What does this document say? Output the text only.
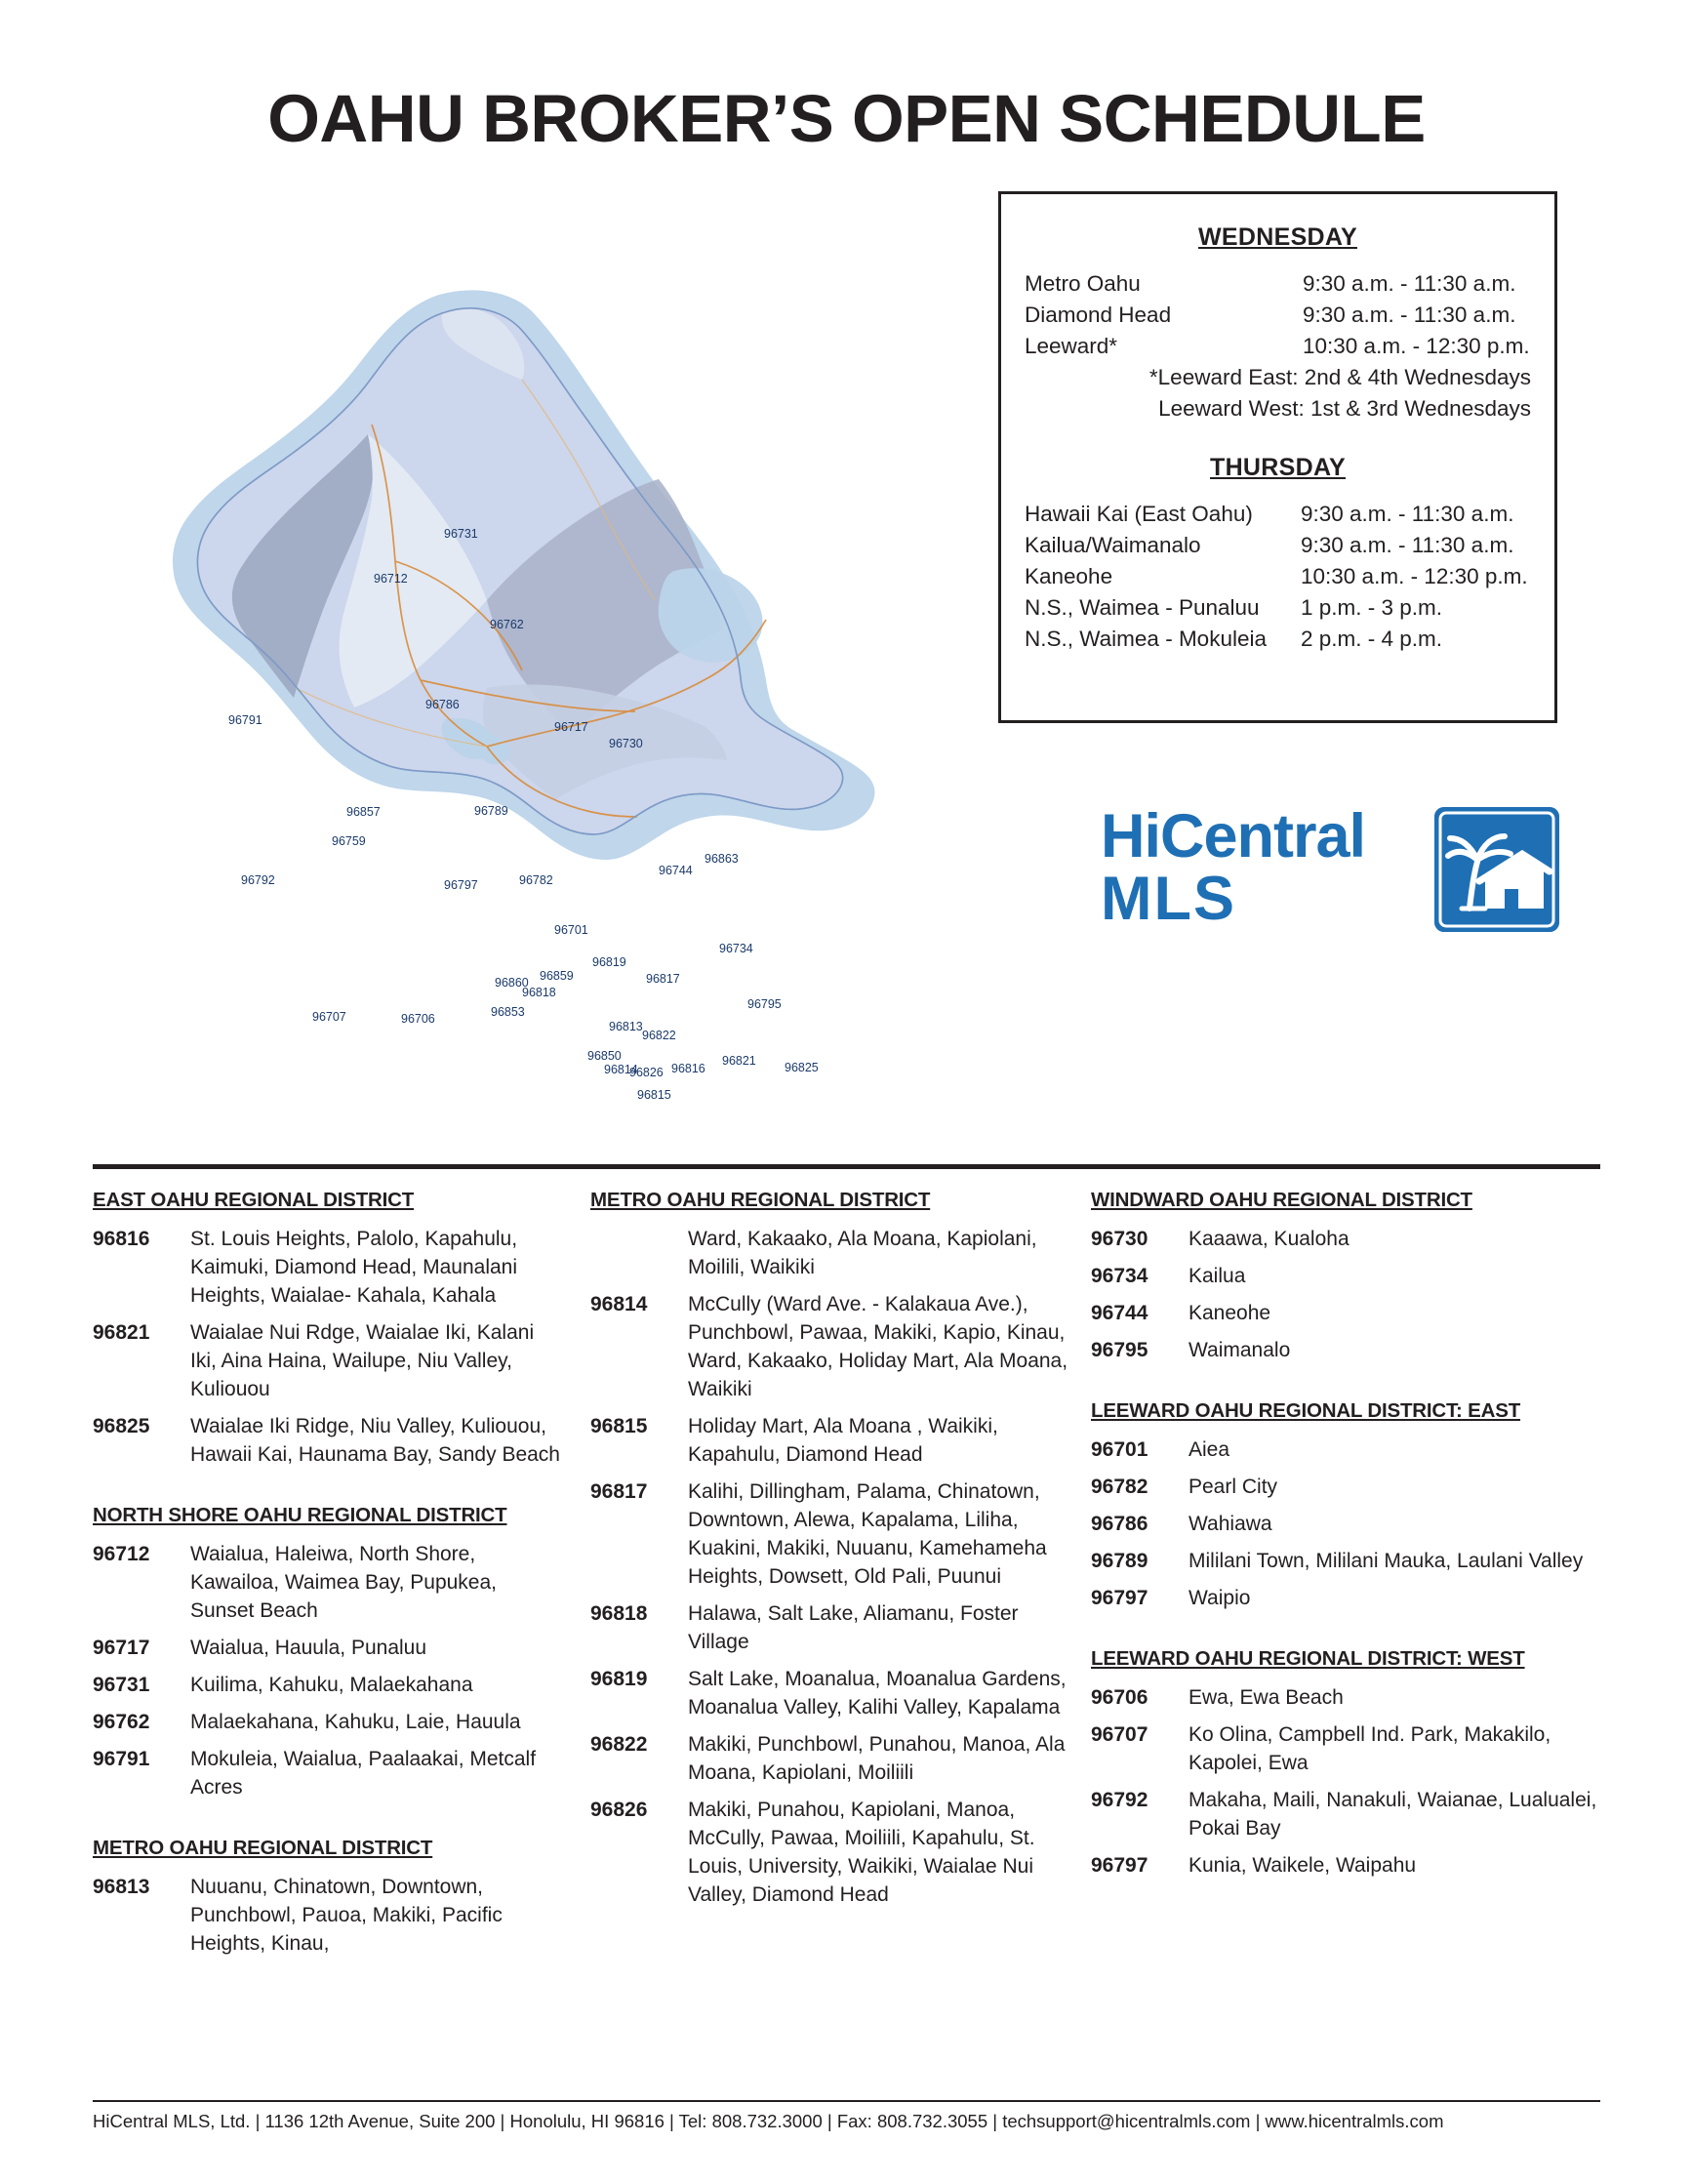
OAHU BROKER’S OPEN SCHEDULE
96731
96712
96762
96786
96791	96717
96730
96789
96857
96759
96792	96797	96782
96744
96863
96701
96734
96819
96860 96859
96818
96817
96795
96853
96707	96706
96813
96822
96850
96814
96826 96816
96821 96825
96815
WEDNESDAY
Metro Oahu	9:30 a.m. - 11:30 a.m.
Diamond Head	9:30 a.m. - 11:30 a.m.
Leeward*	10:30 a.m. - 12:30 p.m.
*Leeward East: 2nd & 4th Wednesdays
Leeward West: 1st & 3rd Wednesdays
THURSDAY
Hawaii Kai (East Oahu)	9:30 a.m. - 11:30 a.m.
Kailua/Waimanalo	9:30 a.m. - 11:30 a.m.
Kaneohe	10:30 a.m. - 12:30 p.m.
N.S., Waimea - Punaluu	1 p.m. - 3 p.m.
N.S., Waimea - Mokuleia	2 p.m. - 4 p.m.
HiCentral
MLS
EAST OAHU REGIONAL DISTRICT
96816	St. Louis Heights, Palolo, Kapahulu, Kaimuki, Diamond Head, Maunalani Heights, Waialae- Kahala, Kahala
96821	Waialae Nui Rdge, Waialae Iki, Kalani Iki, Aina Haina, Wailupe, Niu Valley, Kuliouou
96825	Waialae Iki Ridge, Niu Valley, Kuliouou, Hawaii Kai, Haunama Bay, Sandy Beach
NORTH SHORE OAHU REGIONAL DISTRICT
96712	Waialua, Haleiwa, North Shore, Kawailoa, Waimea Bay, Pupukea, Sunset Beach
96717	Waialua, Hauula, Punaluu
96731	Kuilima, Kahuku, Malaekahana
96762	Malaekahana, Kahuku, Laie, Hauula
96791	Mokuleia, Waialua, Paalaakai, Metcalf Acres
METRO OAHU REGIONAL DISTRICT
96813	Nuuanu, Chinatown, Downtown, Punchbowl, Pauoa, Makiki, Pacific Heights, Kinau,
METRO OAHU REGIONAL DISTRICT
Ward, Kakaako, Ala Moana, Kapiolani, Moilili, Waikiki
96814	McCully (Ward Ave. - Kalakaua Ave.), Punchbowl, Pawaa, Makiki, Kapio, Kinau, Ward, Kakaako, Holiday Mart, Ala Moana, Waikiki
96815	Holiday Mart, Ala Moana , Waikiki, Kapahulu, Diamond Head
96817	Kalihi, Dillingham, Palama, Chinatown, Downtown, Alewa, Kapalama, Liliha, Kuakini, Makiki, Nuuanu, Kamehameha Heights, Dowsett, Old Pali, Puunui
96818	Halawa, Salt Lake, Aliamanu, Foster Village
96819	Salt Lake, Moanalua, Moanalua Gardens, Moanalua Valley, Kalihi Valley, Kapalama
96822	Makiki, Punchbowl, Punahou, Manoa, Ala Moana, Kapiolani, Moiliili
96826	Makiki, Punahou, Kapiolani, Manoa, McCully, Pawaa, Moiliili, Kapahulu, St. Louis, University, Waikiki, Waialae Nui Valley, Diamond Head
WINDWARD OAHU REGIONAL DISTRICT
96730	Kaaawa, Kualoha
96734	Kailua
96744	Kaneohe
96795	Waimanalo
LEEWARD OAHU REGIONAL DISTRICT: EAST
96701	Aiea
96782	Pearl City
96786	Wahiawa
96789	Mililani Town, Mililani Mauka, Laulani Valley
96797	Waipio
LEEWARD OAHU REGIONAL DISTRICT: WEST
96706	Ewa, Ewa Beach
96707	Ko Olina, Campbell Ind. Park, Makakilo, Kapolei, Ewa
96792	Makaha, Maili, Nanakuli, Waianae, Lualualei, Pokai Bay
96797	Kunia, Waikele, Waipahu
HiCentral MLS, Ltd. | 1136 12th Avenue, Suite 200 | Honolulu, HI 96816 | Tel: 808.732.3000 | Fax: 808.732.3055 | techsupport@hicentralmls.com | www.hicentralmls.com
